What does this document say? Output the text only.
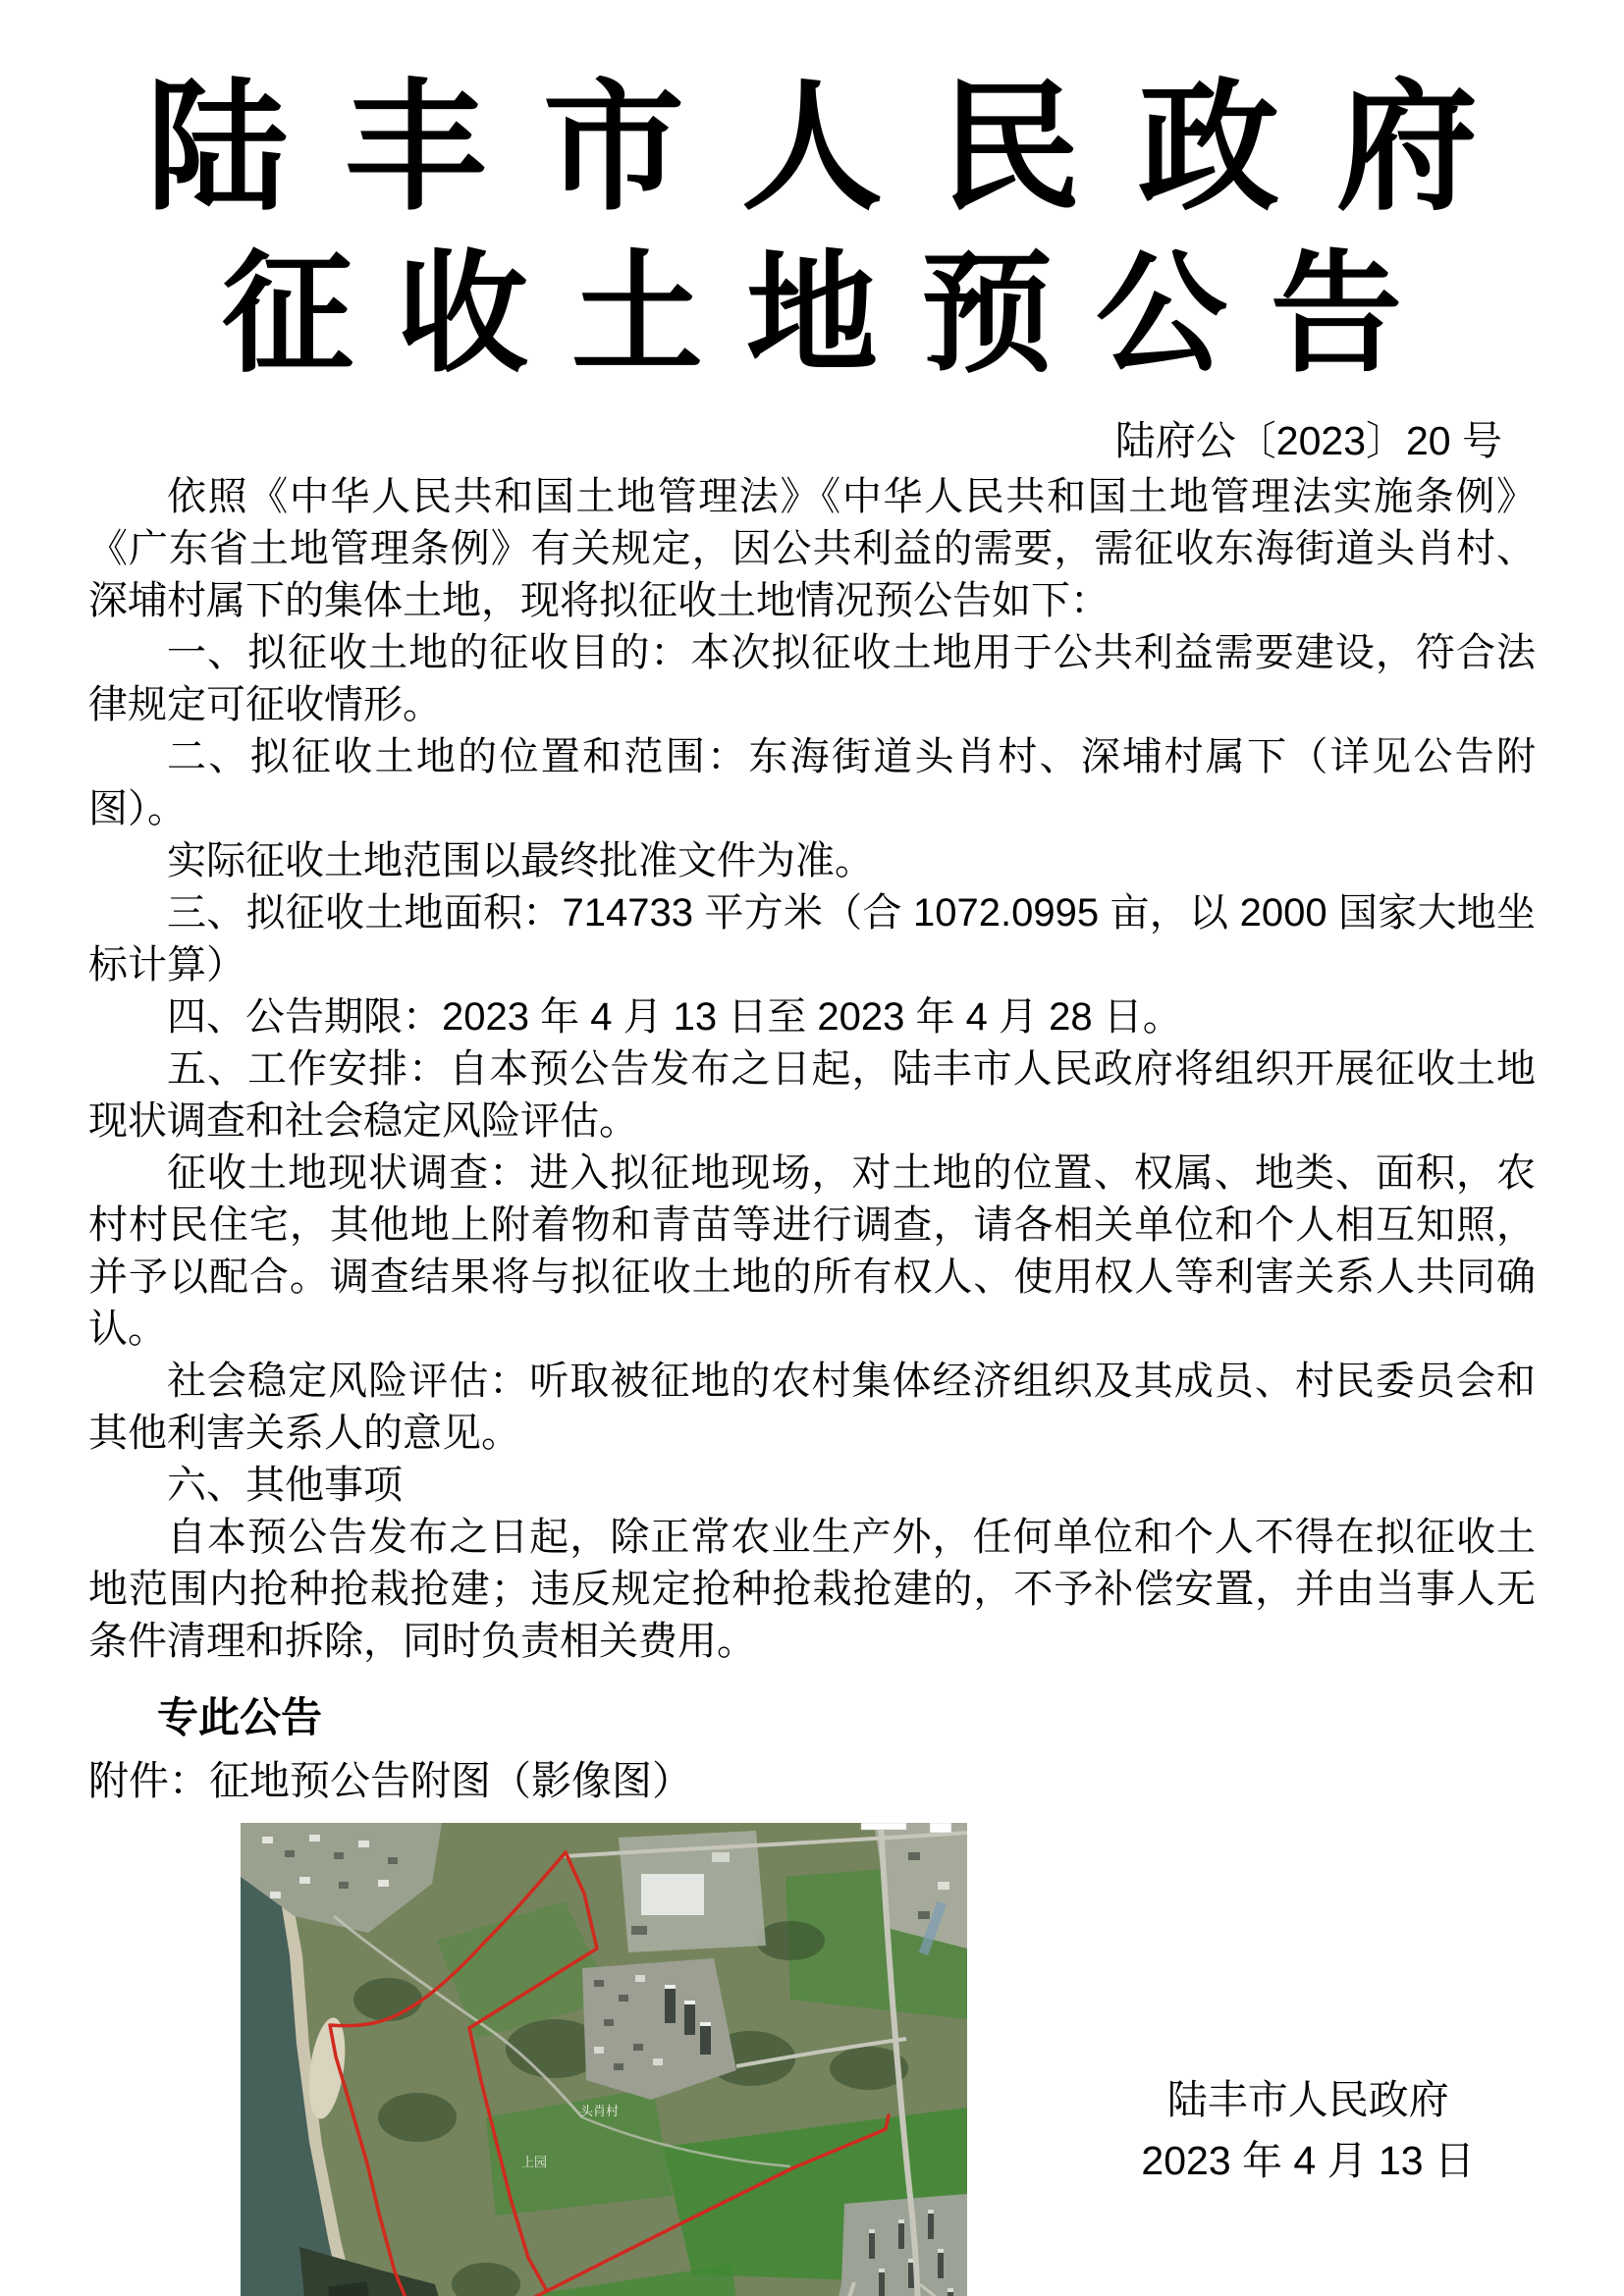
陆丰市人民政府
征收土地预公告
陆府公〔2023〕20 号

依照《中华人民共和国土地管理法》《中华人民共和国土地管理法实施条例》《广东省土地管理条例》有关规定，因公共利益的需要，需征收东海街道头肖村、深埔村属下的集体土地，现将拟征收土地情况预公告如下：

一、拟征收土地的征收目的：本次拟征收土地用于公共利益需要建设，符合法律规定可征收情形。

二、拟征收土地的位置和范围：东海街道头肖村、深埔村属下（详见公告附图）。

实际征收土地范围以最终批准文件为准。

三、拟征收土地面积：714733 平方米（合 1072.0995 亩，以 2000 国家大地坐标计算）

四、公告期限：2023 年 4 月 13 日至 2023 年 4 月 28 日。

五、工作安排：自本预公告发布之日起，陆丰市人民政府将组织开展征收土地现状调查和社会稳定风险评估。

征收土地现状调查：进入拟征地现场，对土地的位置、权属、地类、面积，农村村民住宅，其他地上附着物和青苗等进行调查，请各相关单位和个人相互知照，并予以配合。调查结果将与拟征收土地的所有权人、使用权人等利害关系人共同确认。

社会稳定风险评估：听取被征地的农村集体经济组织及其成员、村民委员会和其他利害关系人的意见。

六、其他事项

自本预公告发布之日起，除正常农业生产外，任何单位和个人不得在拟征收土地范围内抢种抢栽抢建；违反规定抢种抢栽抢建的，不予补偿安置，并由当事人无条件清理和拆除，同时负责相关费用。

专此公告

附件：征地预公告附图（影像图）

头肖村
上园
陆丰市人民政府
2023 年 4 月 13 日
